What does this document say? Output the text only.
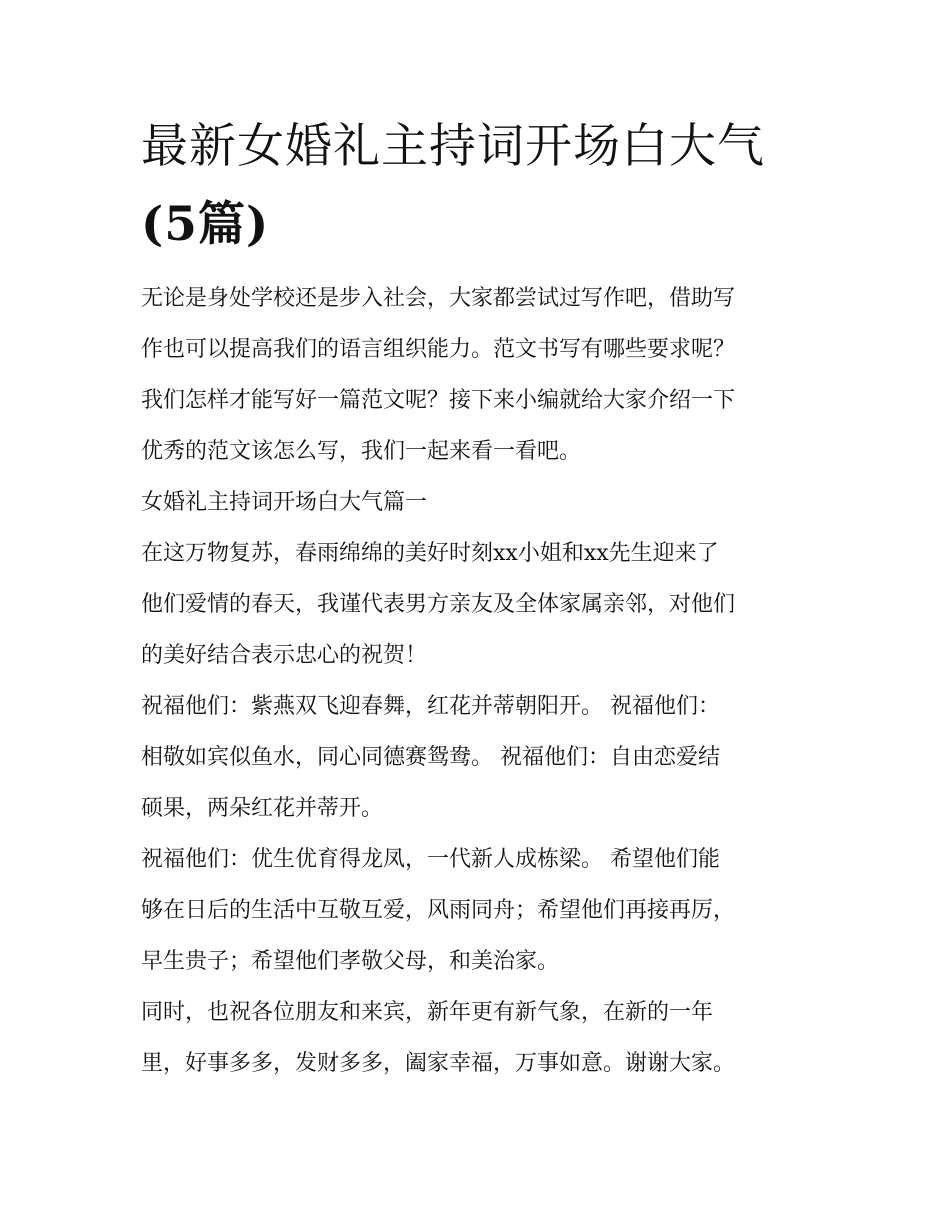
最新女婚礼主持词开场白大气
(5篇)

无论是身处学校还是步入社会，大家都尝试过写作吧，借助写
作也可以提高我们的语言组织能力。范文书写有哪些要求呢？
我们怎样才能写好一篇范文呢？接下来小编就给大家介绍一下
优秀的范文该怎么写，我们一起来看一看吧。

女婚礼主持词开场白大气篇一

在这万物复苏，春雨绵绵的美好时刻xx小姐和xx先生迎来了
他们爱情的春天，我谨代表男方亲友及全体家属亲邻，对他们
的美好结合表示忠心的祝贺！

祝福他们：紫燕双飞迎春舞，红花并蒂朝阳开。 祝福他们：
相敬如宾似鱼水，同心同德赛鸳鸯。 祝福他们：自由恋爱结
硕果，两朵红花并蒂开。

祝福他们：优生优育得龙凤，一代新人成栋梁。 希望他们能
够在日后的生活中互敬互爱，风雨同舟；希望他们再接再厉，
早生贵子；希望他们孝敬父母，和美治家。

同时，也祝各位朋友和来宾，新年更有新气象，在新的一年
里，好事多多，发财多多，阖家幸福，万事如意。谢谢大家。
